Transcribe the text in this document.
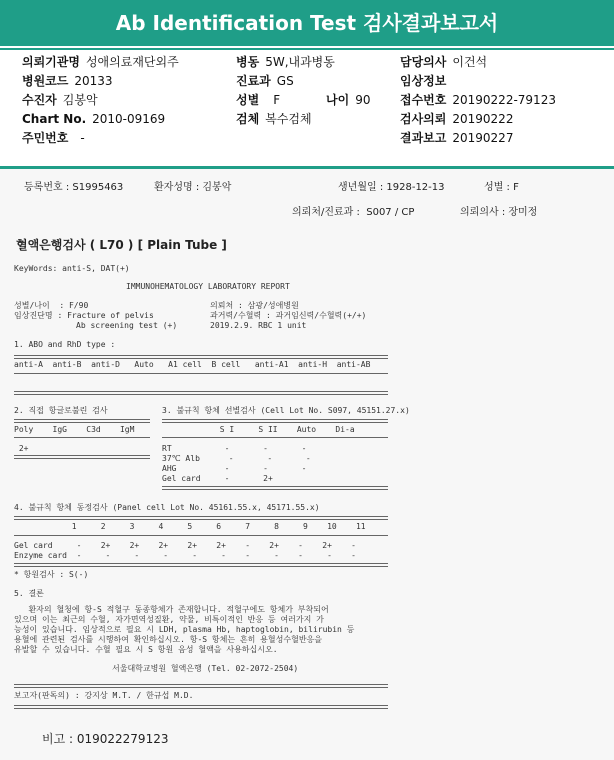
Ab Identification Test 검사결과보고서
의뢰기관명 성애의료재단외주	병동 5W,내과병동	담당의사 이건석
병원코드 20133	진료과 GS	임상정보
수진자 김봉악	성별 F	나이 90 접수번호 20190222-79123
Chart No. 2010-09169	검체 복수검체	검사의뢰 20190222
주민번호 -	결과보고 20190227
등록번호 : S1995463	환자성명 : 김봉악	생년월일 : 1928-12-13	성별 : F
의뢰처/진료과 :  S007 / CP	의뢰의사 : 장미정
혈액은행검사 ( L70 ) [ Plain Tube ]
KeyWords: anti-S, DAT(+)
IMMUNOHEMATOLOGY LABORATORY REPORT
성별/나이  : F/90
임상진단명 : Fracture of pelvis
Ab screening test (+)
의뢰처 : 삼광/성애병원
과거력/수혈력 : 과거임신력/수혈력(+/+)
2019.2.9. RBC 1 unit
1. ABO and RhD type :
anti-A  anti-B  anti-D   Auto   A1 cell  B cell   anti-A1  anti-H  anti-AB
2. 직접 항글로불린 검사
Poly    IgG    C3d    IgM
2+
3. 불규칙 항체 선별검사 (Cell Lot No. S097, 45151.27.x)
S I     S II    Auto    Di-a
RT           -       -       -
37℃ Alb      -       -       -
AHG          -       -       -
Gel card     -       2+
4. 불규칙 항체 동정검사 (Panel cell Lot No. 45161.55.x, 45171.55.x)
1     2     3     4     5     6     7     8     9    10    11
Gel card     -    2+    2+    2+    2+    2+    -    2+    -    2+    -
Enzyme card  -     -     -     -     -     -    -     -    -     -    -
* 항원검사 : S(-)
5. 결론
환자의 혈청에 항-S 적혈구 동종항체가 존재합니다. 적혈구에도 항체가 부착되어
있으며 이는 최근의 수혈, 자가면역성질환, 약물, 비특이적인 반응 등 여러가지 가
능성이 있습니다. 임상적으로 필요 시 LDH, plasma Hb, haptoglobin, bilirubin 등
용혈에 관련된 검사를 시행하여 확인하십시오. 항-S 항체는 흔히 용혈성수혈반응을
유발할 수 있습니다. 수혈 필요 시 S 항원 음성 혈액을 사용하십시오.
서울대학교병원 혈액은행 (Tel. 02-2072-2504)
보고자(판독의) : 강지상 M.T. / 한규섭 M.D.
비고 : 019022279123
